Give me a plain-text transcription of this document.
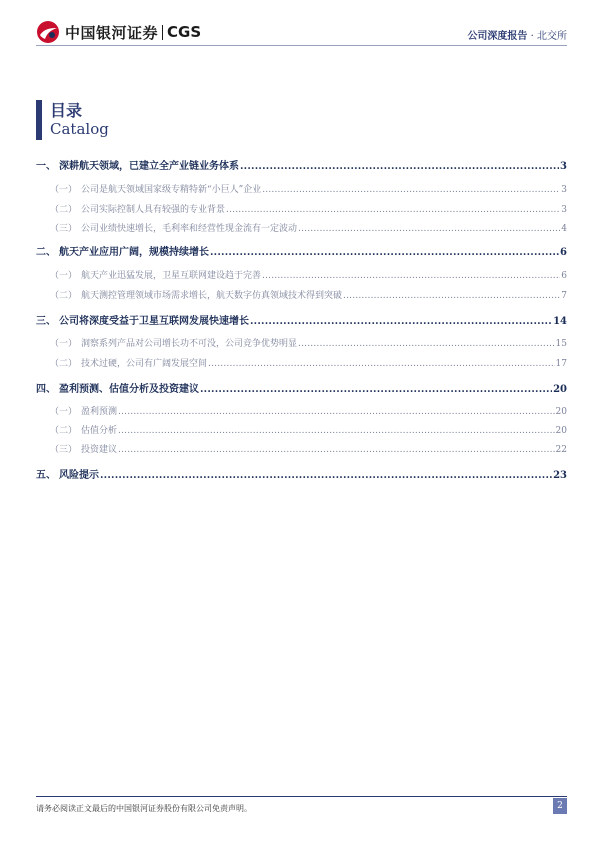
中国银河证券 CGS	公司深度报告 · 北交所
目录
Catalog
一、 深耕航天领域，已建立全产业链业务体系 .....	3
（一） 公司是航天领域国家级专精特新“小巨人”企业 .....	3
（二） 公司实际控制人具有较强的专业背景 .....	3
（三） 公司业绩快速增长，毛利率和经营性现金流有一定波动 .....	4
二、 航天产业应用广阔，规模持续增长 .....	6
（一） 航天产业迅猛发展，卫星互联网建设趋于完善 .....	6
（二） 航天测控管理领域市场需求增长，航天数字仿真领域技术得到突破 .....	7
三、 公司将深度受益于卫星互联网发展快速增长 .....	14
（一） 洞察系列产品对公司增长功不可没，公司竞争优势明显 .....	15
（二） 技术过硬，公司有广阔发展空间 .....	17
四、 盈利预测、估值分析及投资建议 .....	20
（一） 盈利预测 .....	20
（二） 估值分析 .....	20
（三） 投资建议 .....	22
五、 风险提示 .....	23
请务必阅读正文最后的中国银河证券股份有限公司免责声明。	2
